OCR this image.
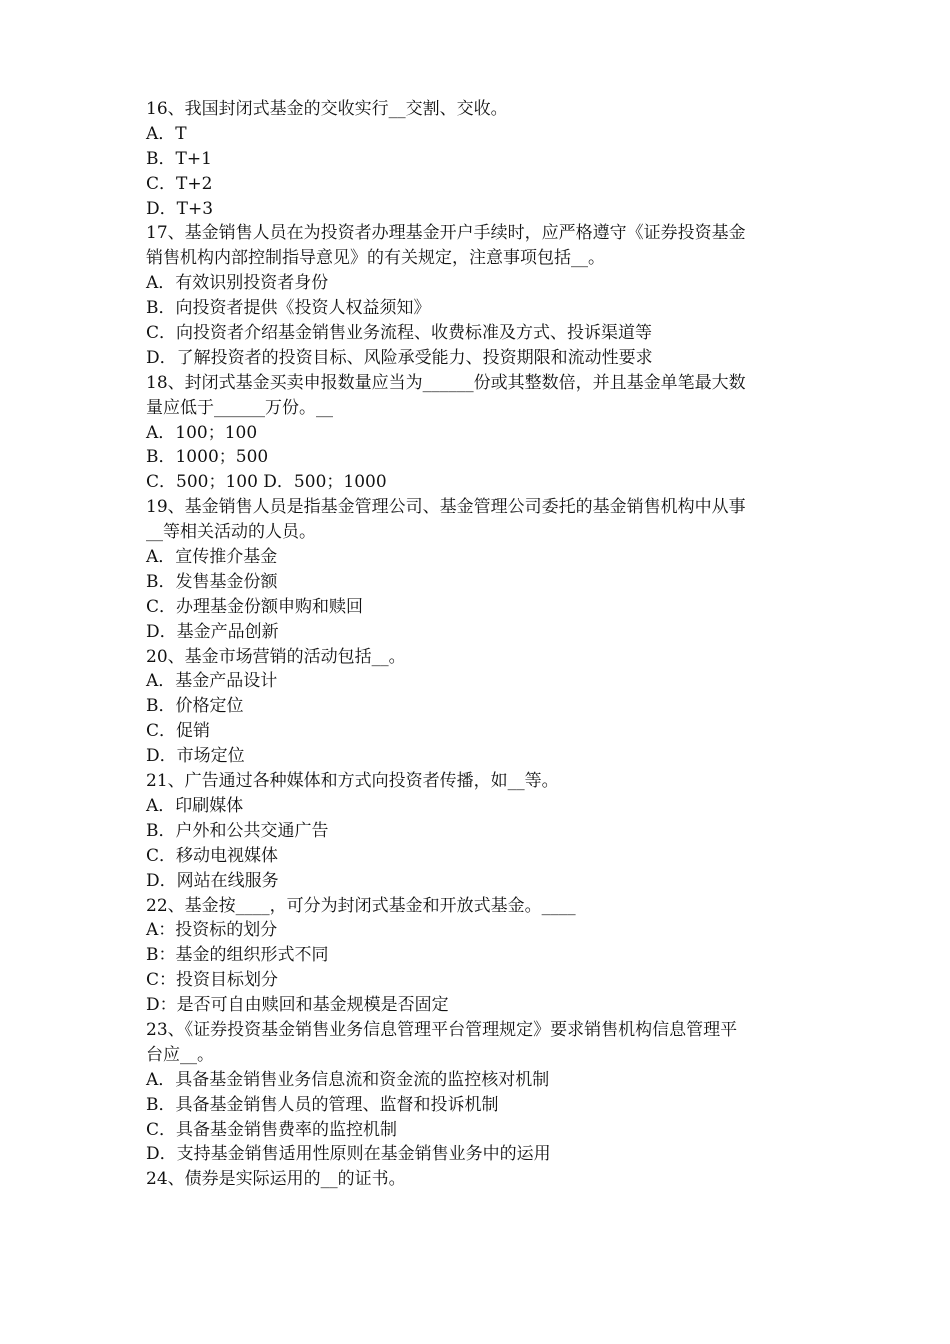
16、我国封闭式基金的交收实行__交割、交收。
A．T
B．T+1
C．T+2
D．T+3
17、基金销售人员在为投资者办理基金开户手续时，应严格遵守《证券投资基金
销售机构内部控制指导意见》的有关规定，注意事项包括__。
A．有效识别投资者身份
B．向投资者提供《投资人权益须知》
C．向投资者介绍基金销售业务流程、收费标准及方式、投诉渠道等
D．了解投资者的投资目标、风险承受能力、投资期限和流动性要求
18、封闭式基金买卖申报数量应当为______份或其整数倍，并且基金单笔最大数
量应低于______万份。__
A．100；100
B．1000；500
C．500；100 D．500；1000
19、基金销售人员是指基金管理公司、基金管理公司委托的基金销售机构中从事
__等相关活动的人员。
A．宣传推介基金
B．发售基金份额
C．办理基金份额申购和赎回
D．基金产品创新
20、基金市场营销的活动包括__。
A．基金产品设计
B．价格定位
C．促销
D．市场定位
21、广告通过各种媒体和方式向投资者传播，如__等。
A．印刷媒体
B．户外和公共交通广告
C．移动电视媒体
D．网站在线服务
22、基金按____，可分为封闭式基金和开放式基金。____
A：投资标的划分
B：基金的组织形式不同
C：投资目标划分
D：是否可自由赎回和基金规模是否固定
23、《证券投资基金销售业务信息管理平台管理规定》要求销售机构信息管理平
台应__。
A．具备基金销售业务信息流和资金流的监控核对机制
B．具备基金销售人员的管理、监督和投诉机制
C．具备基金销售费率的监控机制
D．支持基金销售适用性原则在基金销售业务中的运用
24、债券是实际运用的__的证书。
